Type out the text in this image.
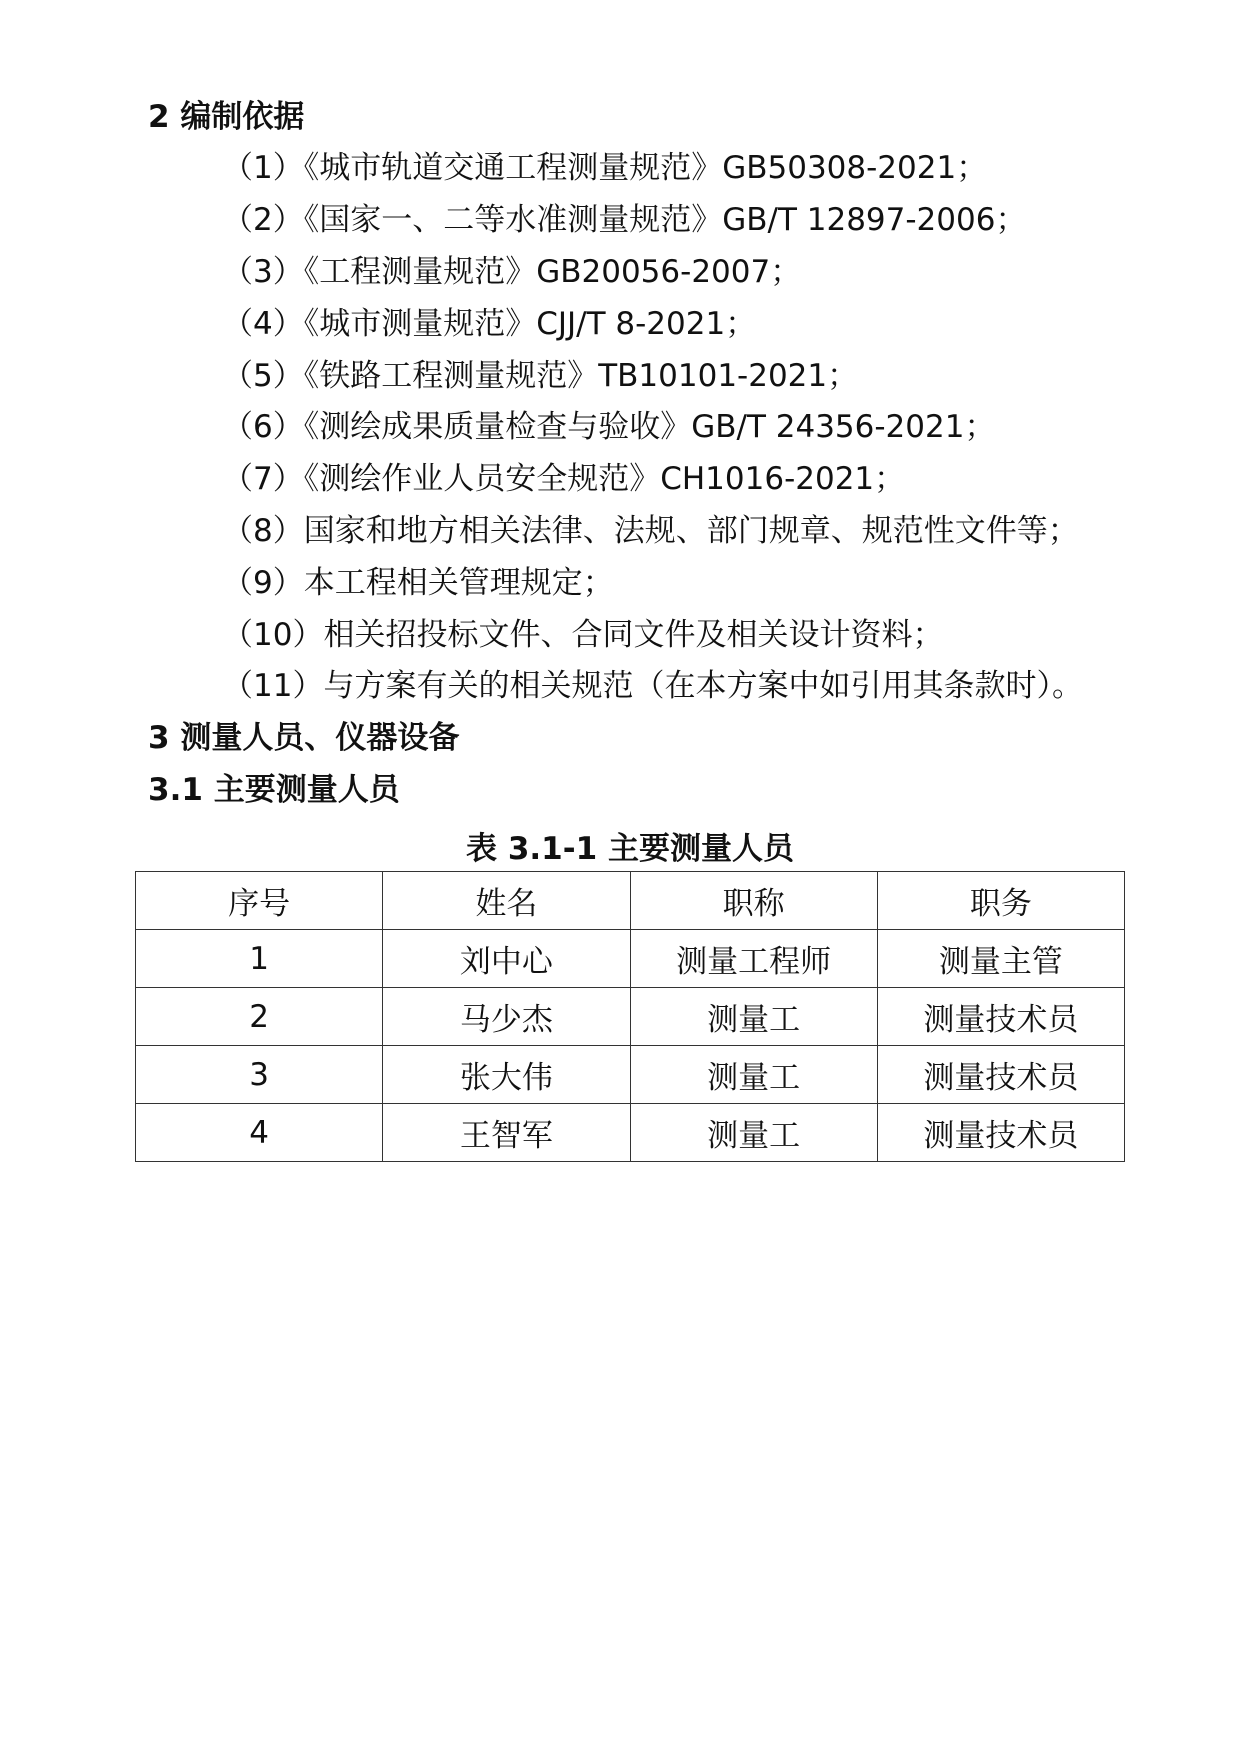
2 编制依据
（1）《城市轨道交通工程测量规范》GB50308-2021；
（2）《国家一、二等水准测量规范》GB/T 12897-2006；
（3）《工程测量规范》GB20056-2007；
（4）《城市测量规范》CJJ/T 8-2021；
（5）《铁路工程测量规范》TB10101-2021；
（6）《测绘成果质量检查与验收》GB/T 24356-2021；
（7）《测绘作业人员安全规范》CH1016-2021；
（8）国家和地方相关法律、法规、部门规章、规范性文件等；
（9）本工程相关管理规定；
（10）相关招投标文件、合同文件及相关设计资料；
（11）与方案有关的相关规范（在本方案中如引用其条款时）。
3 测量人员、仪器设备
3.1 主要测量人员
表 3.1-1 主要测量人员
序号	姓名	职称	职务
1	刘中心	测量工程师	测量主管
2	马少杰	测量工	测量技术员
3	张大伟	测量工	测量技术员
4	王智军	测量工	测量技术员
